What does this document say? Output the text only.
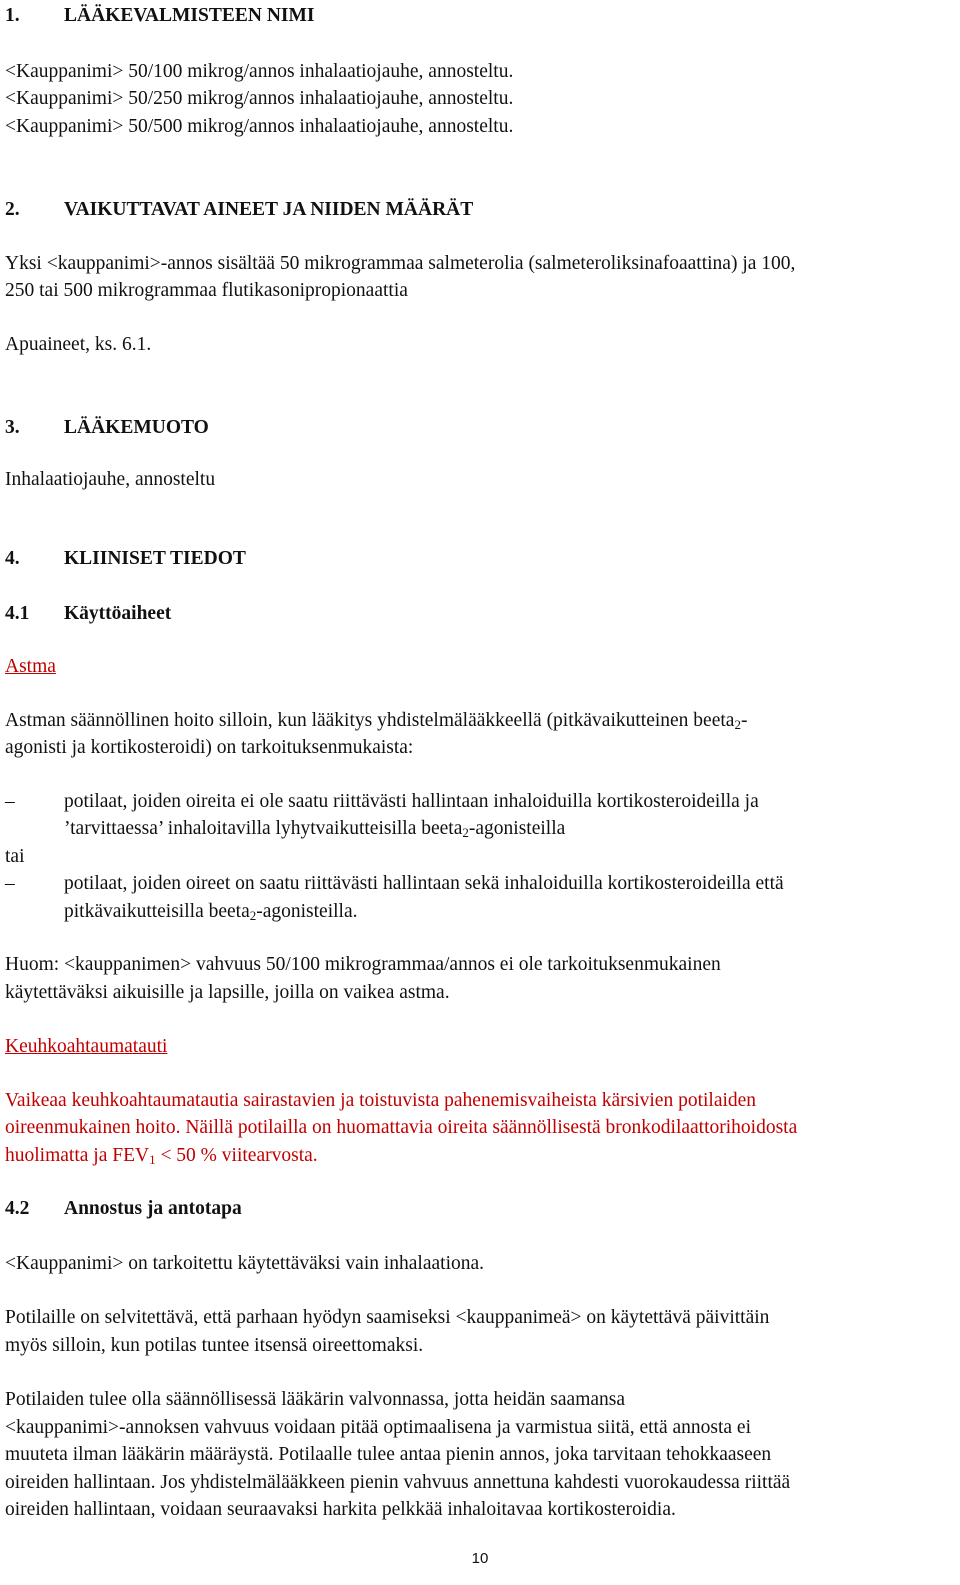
1.	LÄÄKEVALMISTEEN NIMI

<Kauppanimi> 50/100 mikrog/annos inhalaatiojauhe, annosteltu.

<Kauppanimi> 50/250 mikrog/annos inhalaatiojauhe, annosteltu.

<Kauppanimi> 50/500 mikrog/annos inhalaatiojauhe, annosteltu.

2.	VAIKUTTAVAT AINEET JA NIIDEN MÄÄRÄT

Yksi <kauppanimi>-annos sisältää 50 mikrogrammaa salmeterolia (salmeteroliksinafoaattina) ja 100,

250 tai 500 mikrogrammaa flutikasonipropionaattia

Apuaineet, ks. 6.1.

3.	LÄÄKEMUOTO

Inhalaatiojauhe, annosteltu

4.	KLIINISET TIEDOT
4.1	Käyttöaiheet

Astma

Astman säännöllinen hoito silloin, kun lääkitys yhdistelmälääkkeellä (pitkävaikutteinen beeta$_2$-

agonisti ja kortikosteroidi) on tarkoituksenmukaista:

–	potilaat, joiden oireita ei ole saatu riittävästi hallintaan inhaloiduilla kortikosteroideilla ja

’tarvittaessa’ inhaloitavilla lyhytvaikutteisilla beeta$_2$-agonisteilla

tai

–	potilaat, joiden oireet on saatu riittävästi hallintaan sekä inhaloiduilla kortikosteroideilla että

pitkävaikutteisilla beeta$_2$-agonisteilla.

Huom: <kauppanimen> vahvuus 50/100 mikrogrammaa/annos ei ole tarkoituksenmukainen

käytettäväksi aikuisille ja lapsille, joilla on vaikea astma.

Keuhkoahtaumatauti

Vaikeaa keuhkoahtaumatautia sairastavien ja toistuvista pahenemisvaiheista kärsivien potilaiden

oireenmukainen hoito. Näillä potilailla on huomattavia oireita säännöllisestä bronkodilaattorihoidosta

huolimatta ja $FEV_1 < 50$ % viitearvosta.

4.2	Annostus ja antotapa

<Kauppanimi> on tarkoitettu käytettäväksi vain inhalaationa.

Potilaille on selvitettävä, että parhaan hyödyn saamiseksi <kauppanimeä> on käytettävä päivittäin

myös silloin, kun potilas tuntee itsensä oireettomaksi.

Potilaiden tulee olla säännöllisessä lääkärin valvonnassa, jotta heidän saamansa

<kauppanimi>-annoksen vahvuus voidaan pitää optimaalisena ja varmistua siitä, että annosta ei

muuteta ilman lääkärin määräystä. Potilaalle tulee antaa pienin annos, joka tarvitaan tehokkaaseen

oireiden hallintaan. Jos yhdistelmälääkkeen pienin vahvuus annettuna kahdesti vuorokaudessa riittää

oireiden hallintaan, voidaan seuraavaksi harkita pelkkää inhaloitavaa kortikosteroidia.

10
